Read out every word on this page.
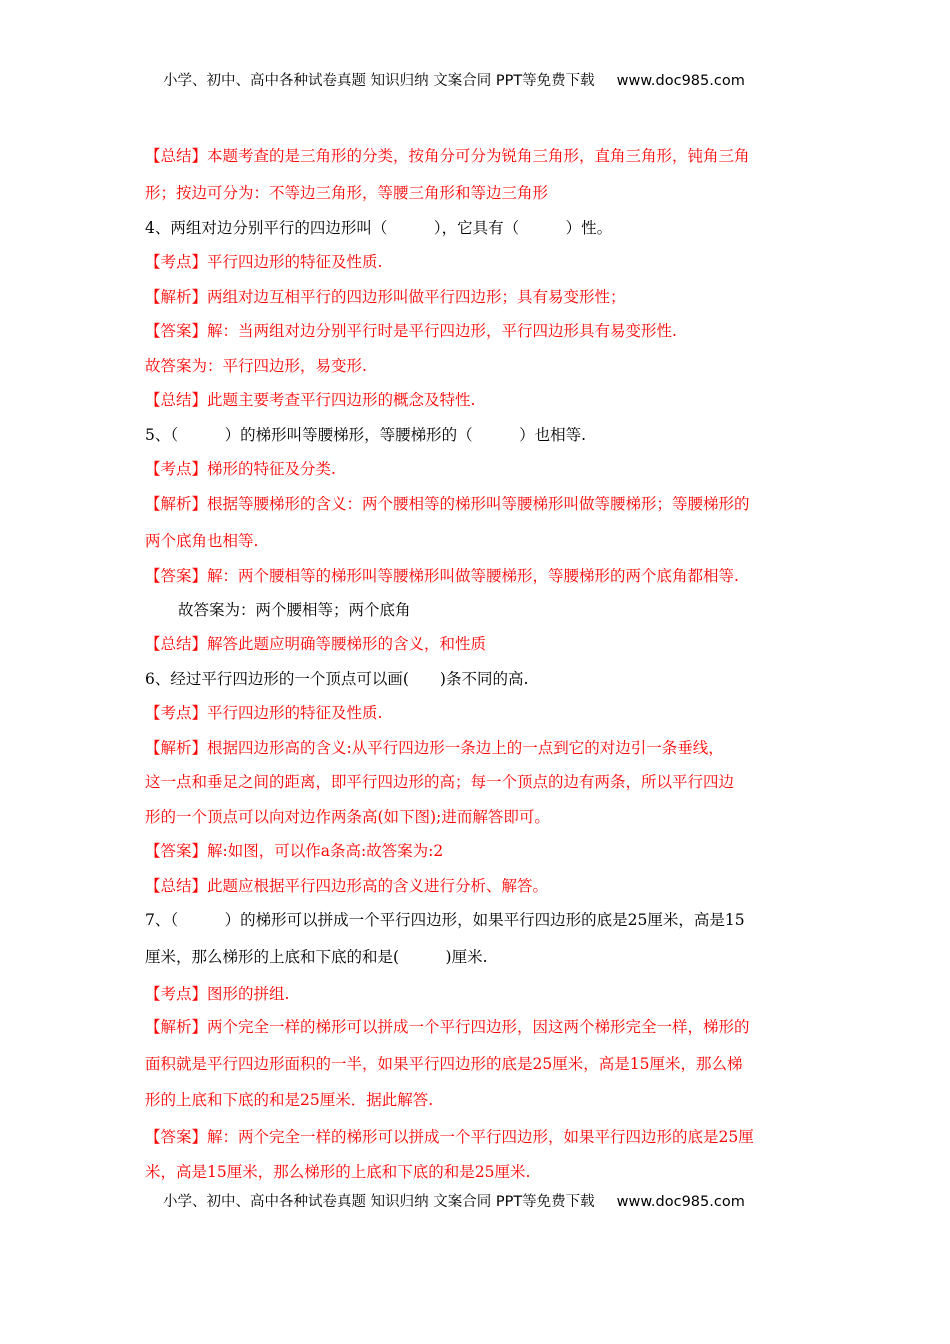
小学、初中、高中各种试卷真题 知识归纳 文案合同 PPT等免费下载 www.doc985.com
【总结】本题考查的是三角形的分类，按角分可分为锐角三角形，直角三角形，钝角三角
形；按边可分为：不等边三角形，等腰三角形和等边三角形
4、两组对边分别平行的四边形叫（　　　），它具有（　　　）性。
【考点】平行四边形的特征及性质.
【解析】两组对边互相平行的四边形叫做平行四边形；具有易变形性；
【答案】解：当两组对边分别平行时是平行四边形，平行四边形具有易变形性.
故答案为：平行四边形，易变形.
【总结】此题主要考查平行四边形的概念及特性.
5、（　　　）的梯形叫等腰梯形，等腰梯形的（　　　）也相等.
【考点】梯形的特征及分类.
【解析】根据等腰梯形的含义：两个腰相等的梯形叫等腰梯形叫做等腰梯形；等腰梯形的
两个底角也相等.
【答案】解：两个腰相等的梯形叫等腰梯形叫做等腰梯形，等腰梯形的两个底角都相等.
故答案为：两个腰相等；两个底角
【总结】解答此题应明确等腰梯形的含义，和性质
6、经过平行四边形的一个顶点可以画(　　)条不同的高.
【考点】平行四边形的特征及性质.
【解析】根据四边形高的含义:从平行四边形一条边上的一点到它的对边引一条垂线，
这一点和垂足之间的距离，即平行四边形的高；每一个顶点的边有两条，所以平行四边
形的一个顶点可以向对边作两条高(如下图);进而解答即可。
【答案】解:如图，可以作a条高:故答案为:2
【总结】此题应根据平行四边形高的含义进行分析、解答。
7、（　　　）的梯形可以拼成一个平行四边形，如果平行四边形的底是25厘米，高是15
厘米，那么梯形的上底和下底的和是(　　　)厘米.
【考点】图形的拼组.
【解析】两个完全一样的梯形可以拼成一个平行四边形，因这两个梯形完全一样，梯形的
面积就是平行四边形面积的一半，如果平行四边形的底是25厘米，高是15厘米，那么梯
形的上底和下底的和是25厘米．据此解答.
【答案】解：两个完全一样的梯形可以拼成一个平行四边形，如果平行四边形的底是25厘
米，高是15厘米，那么梯形的上底和下底的和是25厘米.
小学、初中、高中各种试卷真题 知识归纳 文案合同 PPT等免费下载 www.doc985.com
